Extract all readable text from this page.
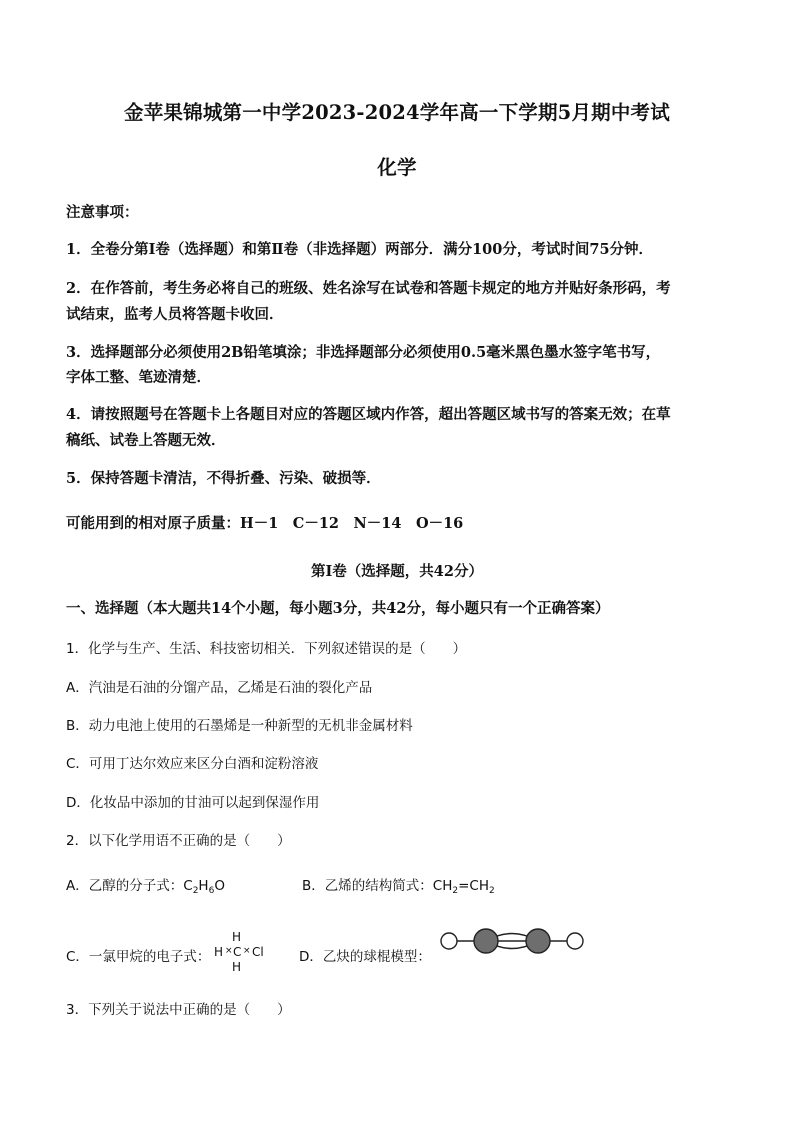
金苹果锦城第一中学2023-2024学年高一下学期5月期中考试
化学
注意事项：
1．全卷分第Ⅰ卷（选择题）和第Ⅱ卷（非选择题）两部分．满分100分，考试时间75分钟．
2．在作答前，考生务必将自己的班级、姓名涂写在试卷和答题卡规定的地方并贴好条形码，考
试结束，监考人员将答题卡收回．
3．选择题部分必须使用2B铅笔填涂；非选择题部分必须使用0.5毫米黑色墨水签字笔书写，
字体工整、笔迹清楚．
4．请按照题号在答题卡上各题目对应的答题区域内作答，超出答题区域书写的答案无效；在草
稿纸、试卷上答题无效．
5．保持答题卡清洁，不得折叠、污染、破损等．
可能用到的相对原子质量：H－1　C－12　N－14　O－16
第Ⅰ卷（选择题，共42分）
一、选择题（本大题共14个小题，每小题3分，共42分，每小题只有一个正确答案）
1．化学与生产、生活、科技密切相关．下列叙述错误的是（　　）
A．汽油是石油的分馏产品，乙烯是石油的裂化产品
B．动力电池上使用的石墨烯是一种新型的无机非金属材料
C．可用丁达尔效应来区分白酒和淀粉溶液
D．化妆品中添加的甘油可以起到保湿作用
2．以下化学用语不正确的是（　　）
A．乙醇的分子式：$C_2H_6O$	B．乙烯的结构简式：$CH_2=CH_2$
C．一氯甲烷的电子式：
H
H × C × Cl
H
D．乙炔的球棍模型：
3．下列关于说法中正确的是（　　）
